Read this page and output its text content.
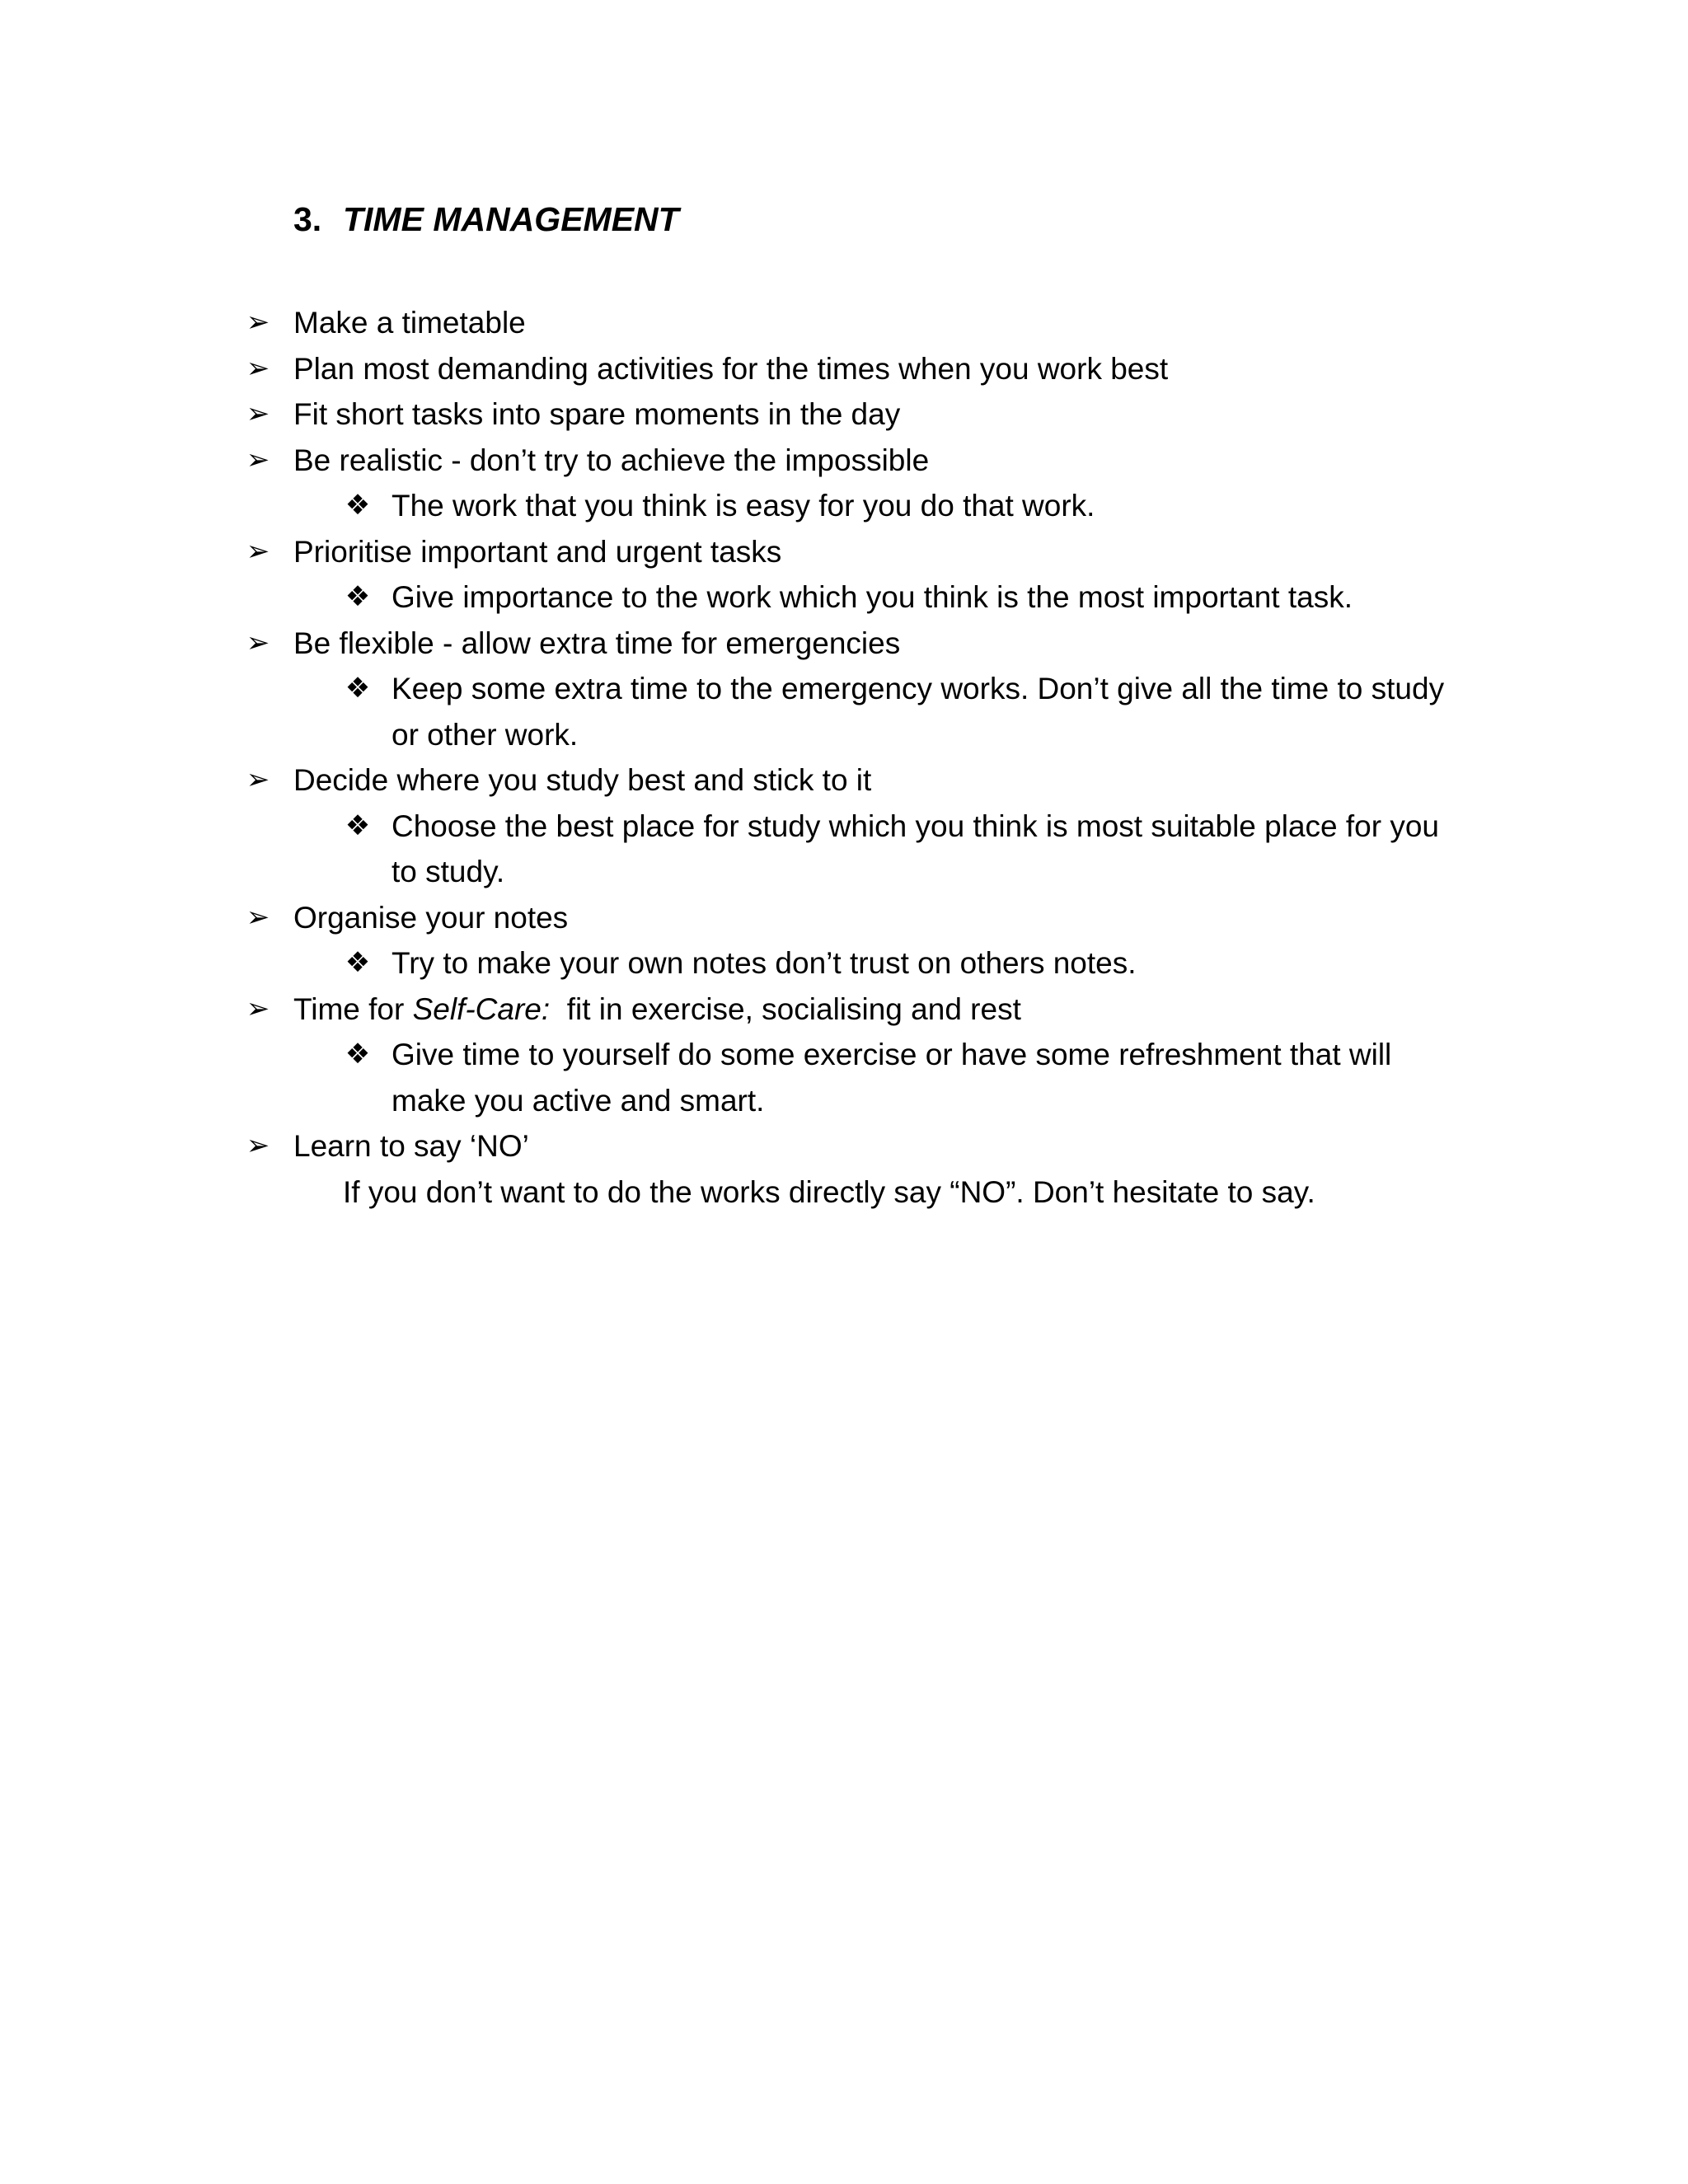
3. TIME MANAGEMENT
➢ Make a timetable
➢ Plan most demanding activities for the times when you work best
➢ Fit short tasks into spare moments in the day
➢ Be realistic - don’t try to achieve the impossible
❖ The work that you think is easy for you do that work.
➢ Prioritise important and urgent tasks
❖ Give importance to the work which you think is the most important task.
➢ Be flexible - allow extra time for emergencies
❖ Keep some extra time to the emergency works. Don’t give all the time to study or other work.
➢ Decide where you study best and stick to it
❖ Choose the best place for study which you think is most suitable place for you to study.
➢ Organise your notes
❖ Try to make your own notes don’t trust on others notes.
➢ Time for Self-Care:  fit in exercise, socialising and rest
❖ Give time to yourself do some exercise or have some refreshment that will make you active and smart.
➢ Learn to say ‘NO’
If you don’t want to do the works directly say “NO”. Don’t hesitate to say.
